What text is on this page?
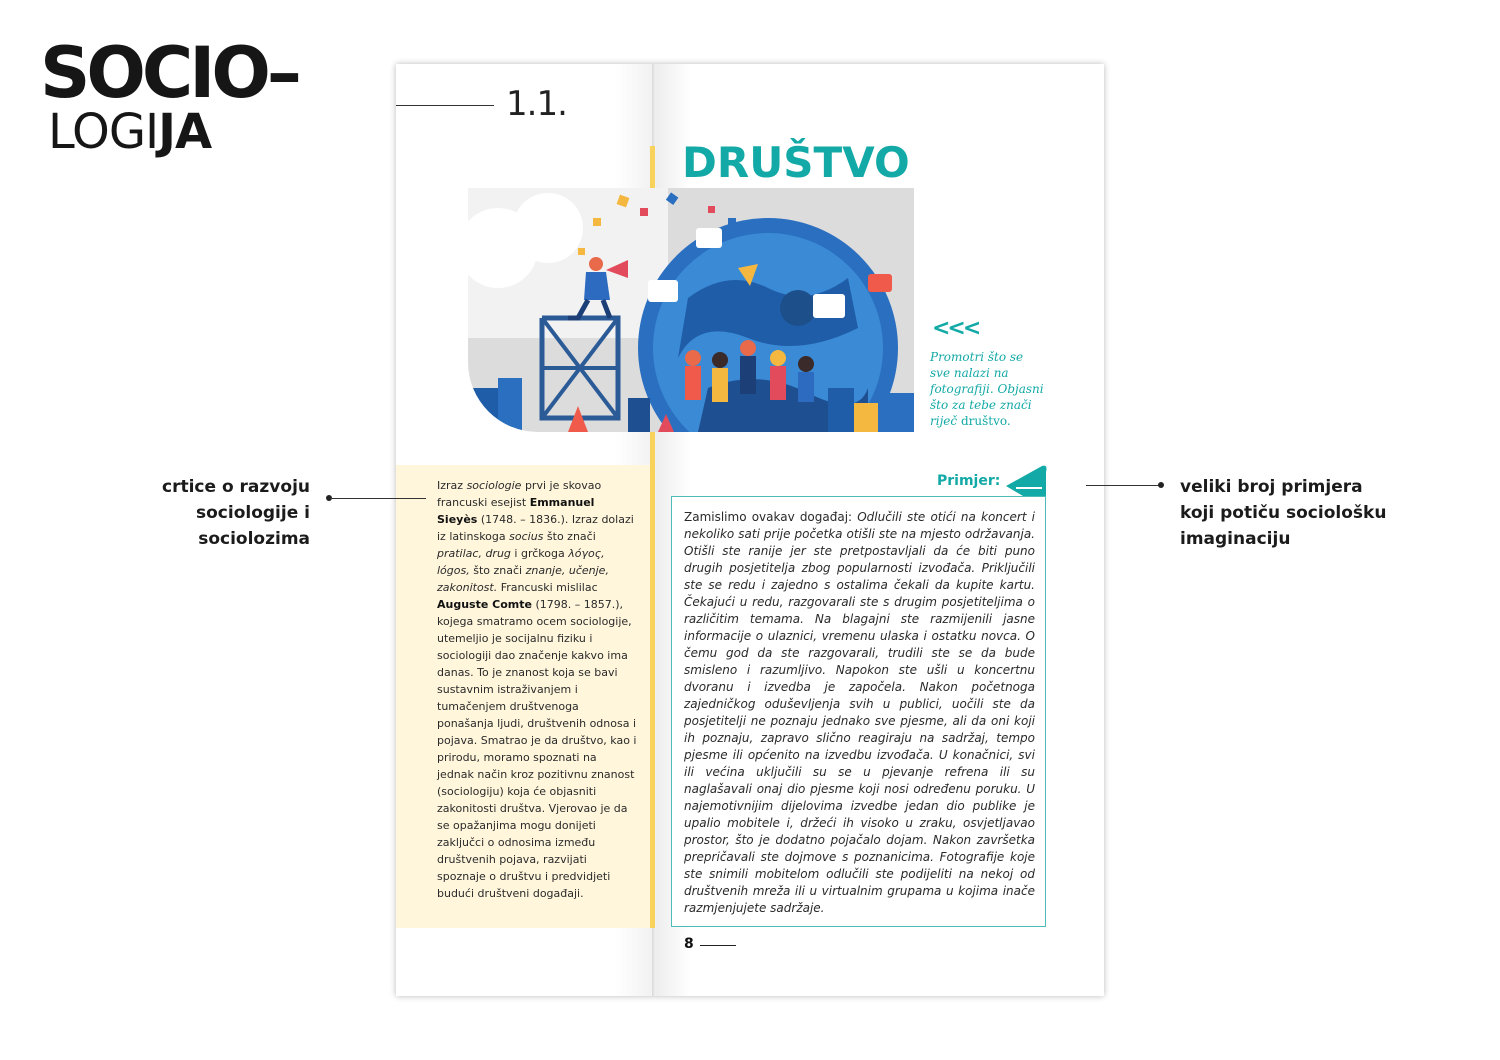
SOCIO–
LOGIJA	1.1.
DRUŠTVO
<<<
Promotri što se sve nalazi na fotografiji. Objasni što za tebe znači riječ društvo.
Izraz sociologie prvi je skovao francuski esejist Emmanuel Sieyès (1748. – 1836.). Izraz dolazi iz latinskoga socius što znači pratilac, drug i grčkoga λόγος, lógos, što znači znanje, učenje, zakonitost. Francuski mislilac Auguste Comte (1798. – 1857.), kojega smatramo ocem sociologije, utemeljio je socijalnu fiziku i sociologiji dao značenje kakvo ima danas. To je znanost koja se bavi sustavnim istraživanjem i tumačenjem društvenoga ponašanja ljudi, društvenih odnosa i pojava. Smatrao je da društvo, kao i prirodu, moramo spoznati na jednak način kroz pozitivnu znanost (sociologiju) koja će objasniti zakonitosti društva. Vjerovao je da se opažanjima mogu donijeti zaključci o odnosima između društvenih pojava, razvijati spoznaje o društvu i predvidjeti budući društveni događaji.
Primjer:
Zamislimo ovakav događaj: Odlučili ste otići na koncert i nekoliko sati prije početka otišli ste na mjesto održavanja. Otišli ste ranije jer ste pretpostavljali da će biti puno drugih posjetitelja zbog popularnosti izvođača. Priključili ste se redu i zajedno s ostalima čekali da kupite kartu. Čekajući u redu, razgovarali ste s drugim posjetiteljima o različitim temama. Na blagajni ste razmijenili jasne informacije o ulaznici, vremenu ulaska i ostatku novca. O čemu god da ste razgovarali, trudili ste se da bude smisleno i razumljivo. Napokon ste ušli u koncertnu dvoranu i izvedba je započela. Nakon početnoga zajedničkog oduševljenja svih u publici, uočili ste da posjetitelji ne poznaju jednako sve pjesme, ali da oni koji ih poznaju, zapravo slično reagiraju na sadržaj, tempo pjesme ili općenito na izvedbu izvođača. U konačnici, svi ili većina uključili su se u pjevanje refrena ili su naglašavali onaj dio pjesme koji nosi određenu poruku. U najemotivnijim dijelovima izvedbe jedan dio publike je upalio mobitele i, držeći ih visoko u zraku, osvjetljavao prostor, što je dodatno pojačalo dojam. Nakon završetka prepričavali ste dojmove s poznanicima. Fotografije koje ste snimili mobitelom odlučili ste podijeliti na nekoj od društvenih mreža ili u virtualnim grupama u kojima inače razmjenjujete sadržaje.
8
crtice o razvoju sociologije i sociolozima
veliki broj primjera koji potiču sociološku imaginaciju
